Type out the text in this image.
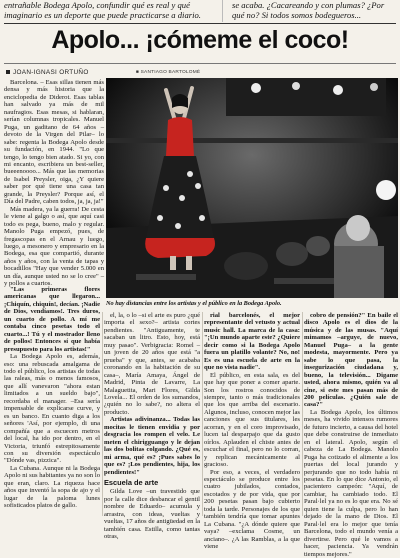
entrañable Bodega Apolo, confundir qué es real y qué imaginario es un deporte que puede practicarse a diario.
se acaba. ¿Cacareando y con plumas? ¿Por qué no? Si todos somos bodegueros...
Apolo... ¡cómeme el coco!
JOAN-IGNASI ORTUÑO	■ SANTIAGO BARTOLOMÉ

Barcelona. – Esas sillas tienen más densa y más historia que la enciclopedia de Diderot. Esas tablas han salvado ya más de mil naufragios. Esas mesas, si hablaran, serían columnas tropicales. Manuel Puga, un gaditano de 64 años –devoto de la Virgen del Pilar– lo sabe: regenta la Bodega Apolo desde su fundación, en 1944. "Lo que tengo, lo tengo bien atado. Si yo, con mi encanto, escribiera un best-seller, bueeenoooo... Más que las memorias de Isabel Preysler, oiga, ¿Y quiere saber por qué tiene una casa tan grande, la Preysler? Porque así, el Día del Padre, caben todos, ja, ja, ja!"

Más madera, ya la guerra! De cesta le viene al galgo o así, que aquí casi todo es pega, bueno, malo y regular. Manolo Puga empezó, pues, de fregascopas en el Arnau y luego, luego, a mesonero y empresario en la Bodega, esa que compartió, durante años y años, con la venta de tapas y bocadillos "Hay que vender 5.000 en un día, aunque usted no se lo cree" – y pollos a cuartos.

No hay distancias entre los artistas y el público en la Bodega Apolo.

"Las primeras flores americanas que llegaron... ¡Chiquín, chiquín!, decían. ¡Nadie de Dios, vendíamos!. Tres duros, un cuarto de pollo. A mí me contaba cinco pesetas todo el cuarto...! Tú y el mostrador lleno de pollos! Entonces sí que había presupuesto para los artistas!"

La Bodega Apolo es, además, eso: una rebuscada amalgama de todo el público, los artistas de todas las raleas, más o menos famosos, que allí vanevaron "ahora estan limitados a un sueldo bajo", recordaba el manager. –Esa sería impensable de explicarse curve, y es un banco. En cuanto diga a los señores 'Así, por ejemplo, di una compañía que a escuecen metros del local, ha ido por dentro, en el Victoria, triunfó estrepitosamente con su diversión espectáculo "Dónde vas, pizzica".

La Cubana. Aunque ni la Bodega Apolo ni sus habitantes ya no son lo que eran, claro. La riqueza hace años que inventó la sopa de ajo y el lugar de la paloma lunes sofisticados platos de gallo.

el, la, o lo –si el arte es puro ¿qué importa el sexo?– artista cortes pendientes. "Antiguamente, te sacaban un litro. Esto, hoy, está muy pasao". Verbigracia: Romel –un joven de 20 años que está "a prueba" y que, antes, se acababa coronando en la habitación de su casa–, María Amaya, Ángel de Madrid, Pinta de Lavarre, La Malaguetita, Mari Flores, Gilda Lovela... El orden de los sumandos, ¿quién no lo sabe?, no altera el producto.

Artistas adivinanza... Todas las mocitas le tienen envidia y por desgracia los rompen el velo. Le meten el chirigguango y le dejan las dos bolitas colgando. ¿Qué es, mi arma, qué es? ¡Pues sabes lo que es? ¡Los pendientes, hija, los pendientes!"

Escuela de arte

Gilda Love –un travestido que por la calle dice desbancar el gentil nombre de Eduardo– acumula y arrastra, con ideas, vueltas y vueltas, 17 años de antigüedad en la también casa. Estilla, como tantas otras,

rial barcelonés, el mejor representante del vetusto y actual music hall. La marca de la casa: "¡Un mundo aparte este? ¿Quiere decir como si la Bodega Apolo fuera un platillo volante? No, no! Es es una escuela de arte en la que no vista nadie".

El público, en esta sala, es del que hay que poner a comer aparte. Son los rostros conocidos de siempre, tanto o más tradicionales que los que arriba del escenario. Algunos, incluso, conocen mejor las canciones que sus titulares, les acorran, y en el coro improvisado, lucen tal desparpajo que da gusto oírlos. Aplauden el chiste antes de escuchar el final, pero no lo corran, y replican mecánicamente al gracioso.

Por eso, a veces, el verdadero espectáculo se produce entre los cuatro jubilados, contados, escotados y de por vida, que por 200 pesetas pasan bajo cubierto toda la tarde. Personajes de los que también tendría que tomar apuntes La Cubana. "¿A dónde quiere que vaya? –exclama Cosme, un anciano–. ¿A las Ramblas, a la que viene

cobro de pensión?" En baile el disco Apolo es el dios de la música y de las musas. "Aquí mimamos –arguye, de nuevo, Manuel Puga– a la gente modesta, mayormente. Pero ya sabe lo que pasa, la insegurización ciudadana y, bueno, la televisión... Digame usted, ahora mismo, quién va al cine, si este mes pasan más de 200 películas. ¿Quién sale de casa?"

La Bodega Apolo, los últimos meses, ha vivido intensos rumores de futuro incierto, a causa del hotel que debe construirse de inmediato en el lateral. Apolo, según el cabeza de La Bodega. Manolo Puga ha cotizado el alimente a los puertas del local jurando y perjurando que no todo había ni pesetas. En lo que dice Antonio, el pacientero campeón: "Aquí, de cambiar, ha cambiado todo. El Paral·lel ya no es lo que era. No sé quien tiene la culpa, pero lo han dejado de la mano de Dios. El Paral·lel era lo mejor que tenía Barcelona, todo el mundo venía a divertirse. Pero qué le vamos a hacer, paciencia. Ya vendrán tiempos mejores."
